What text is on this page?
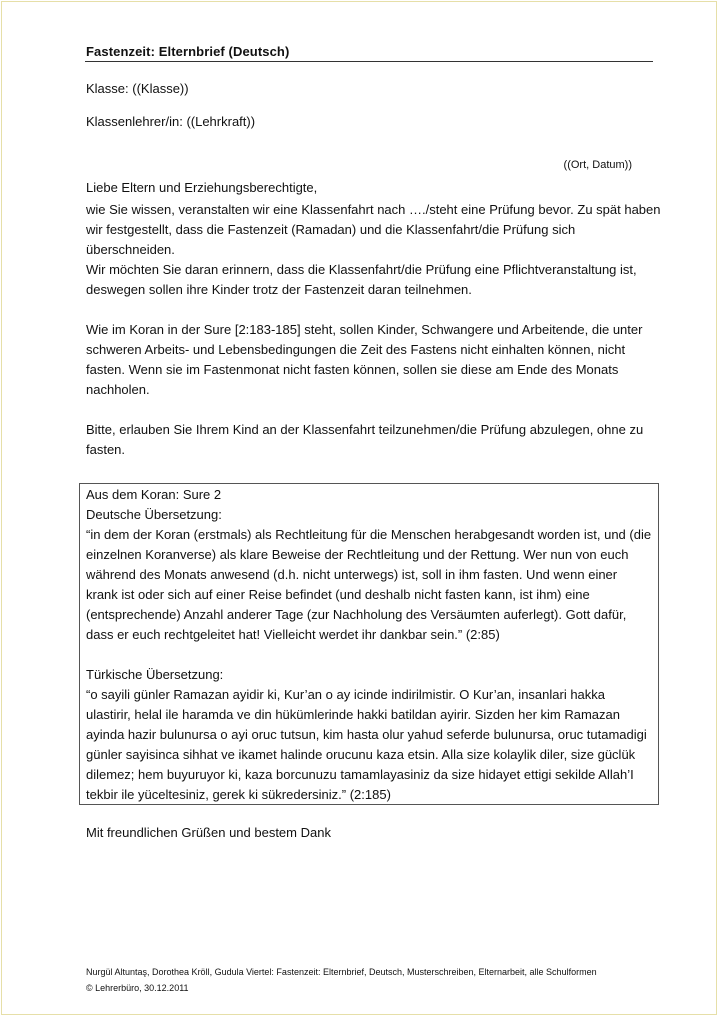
Fastenzeit: Elternbrief (Deutsch)
Klasse: ((Klasse))
Klassenlehrer/in: ((Lehrkraft))
((Ort, Datum))

Liebe Eltern und Erziehungsberechtigte,

wie Sie wissen, veranstalten wir eine Klassenfahrt nach …./steht eine Prüfung bevor. Zu spät haben wir festgestellt, dass die Fastenzeit (Ramadan) und die Klassenfahrt/die Prüfung sich überschneiden.

Wir möchten Sie daran erinnern, dass die Klassenfahrt/die Prüfung eine Pflichtveranstaltung ist, deswegen sollen ihre Kinder trotz der Fastenzeit daran teilnehmen.

Wie im Koran in der Sure [2:183-185] steht, sollen Kinder, Schwangere und Arbeitende, die unter schweren Arbeits- und Lebensbedingungen die Zeit des Fastens nicht einhalten können, nicht fasten. Wenn sie im Fastenmonat nicht fasten können, sollen sie diese am Ende des Monats nachholen.

Bitte, erlauben Sie Ihrem Kind an der Klassenfahrt teilzunehmen/die Prüfung abzulegen, ohne zu fasten.

Aus dem Koran: Sure 2

Deutsche Übersetzung:

“in dem der Koran (erstmals) als Rechtleitung für die Menschen herabgesandt worden ist, und (die einzelnen Koranverse) als klare Beweise der Rechtleitung und der Rettung. Wer nun von euch während des Monats anwesend (d.h. nicht unterwegs) ist, soll in ihm fasten. Und wenn einer krank ist oder sich auf einer Reise befindet (und deshalb nicht fasten kann, ist ihm) eine (entsprechende) Anzahl anderer Tage (zur Nachholung des Versäumten auferlegt). Gott dafür, dass er euch rechtgeleitet hat! Vielleicht werdet ihr dankbar sein.” (2:85)

Türkische Übersetzung:

“o sayili günler Ramazan ayidir ki, Kur’an o ay icinde indirilmistir. O Kur’an, insanlari hakka ulastirir, helal ile haramda ve din hükümlerinde hakki batildan ayirir. Sizden her kim Ramazan ayinda hazir bulunursa o ayi oruc tutsun, kim hasta olur yahud seferde bulunursa, oruc tutamadigi günler sayisinca sihhat ve ikamet halinde orucunu kaza etsin. Alla size kolaylik diler, size güclük dilemez; hem buyuruyor ki, kaza borcunuzu tamamlayasiniz da size hidayet ettigi sekilde Allah’I tekbir ile yüceltesiniz, gerek ki sükredersiniz.” (2:185)

Mit freundlichen Grüßen und bestem Dank
Nurgül Altuntaş, Dorothea Kröll, Gudula Viertel: Fastenzeit: Elternbrief, Deutsch, Musterschreiben, Elternarbeit, alle Schulformen
© Lehrerbüro, 30.12.2011
